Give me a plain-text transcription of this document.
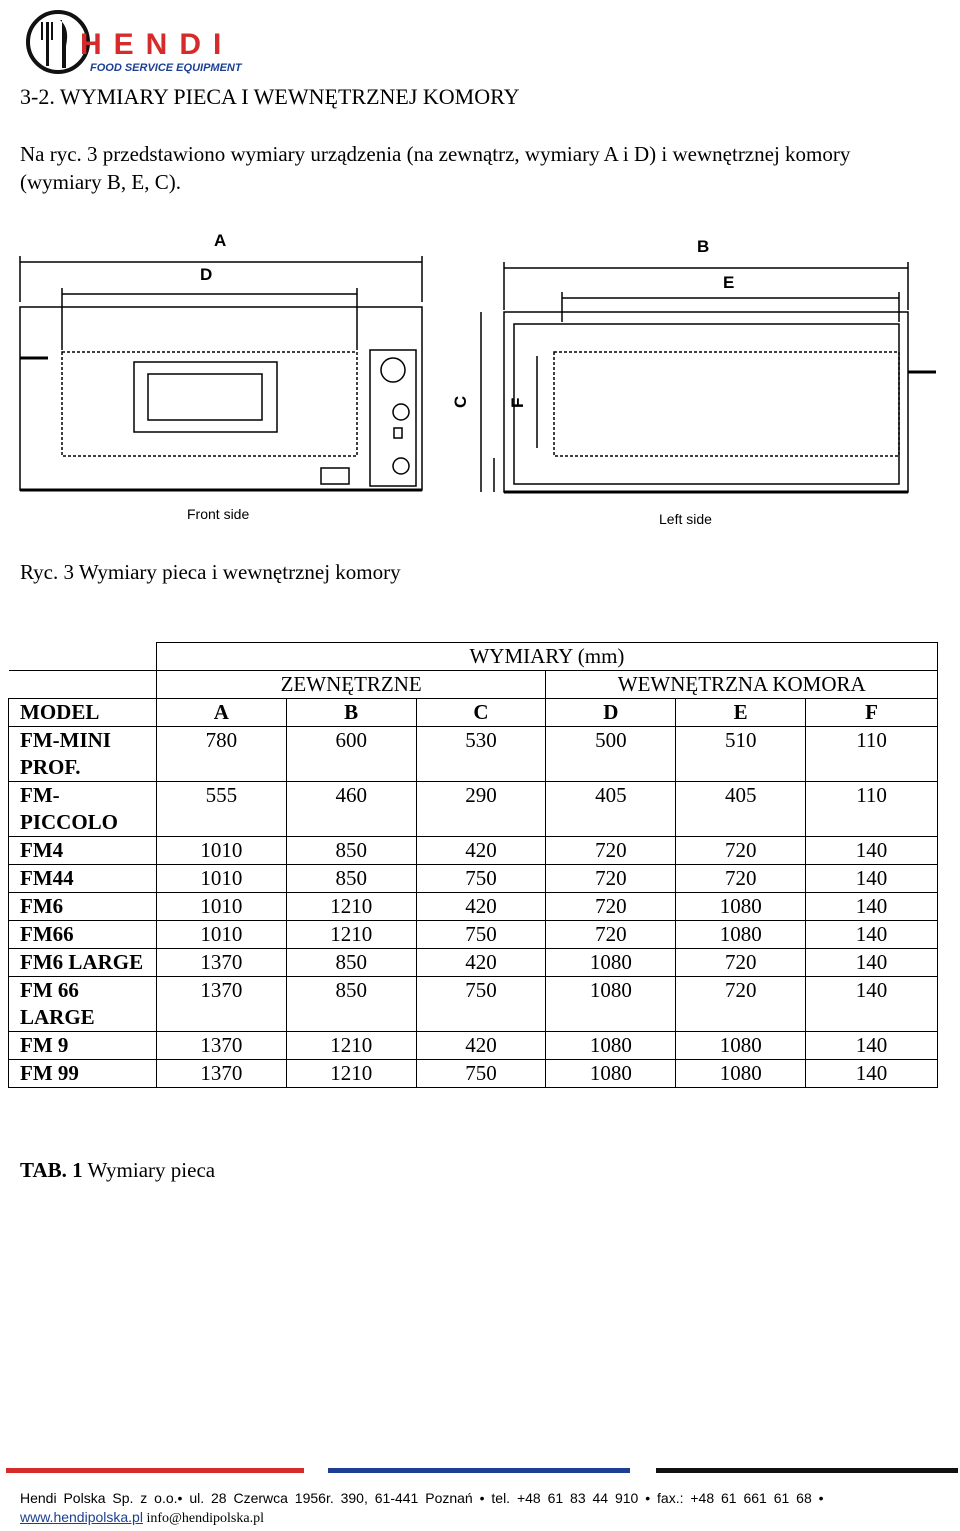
HENDI
FOOD SERVICE EQUIPMENT
3-2. WYMIARY PIECA I WEWNĘTRZNEJ KOMORY
Na ryc. 3 przedstawiono wymiary urządzenia (na zewnątrz, wymiary A i D) i wewnętrznej komory (wymiary B, E, C).
A
D
B
E
C F
Front side	Left side
Ryc. 3 Wymiary pieca i wewnętrznej komory
	WYMIARY (mm)					
	ZEWNĘTRZNE			WEWNĘTRZNA KOMORA		
MODEL	A	B	C	D	E	F
FM-MINI PROF.	780	600	530	500	510	110
FM- PICCOLO	555	460	290	405	405	110
FM4	1010	850	420	720	720	140
FM44	1010	850	750	720	720	140
FM6	1010	1210	420	720	1080	140
FM66	1010	1210	750	720	1080	140
FM6 LARGE	1370	850	420	1080	720	140
FM 66 LARGE	1370	850	750	1080	720	140
FM 9	1370	1210	420	1080	1080	140
FM 99	1370	1210	750	1080	1080	140
TAB. 1 Wymiary pieca
Hendi Polska Sp. z o.o.• ul. 28 Czerwca 1956r. 390, 61-441 Poznań • tel. +48 61 83 44 910 • fax.: +48 61 661 61 68 •
www.hendipolska.pl info@hendipolska.pl
